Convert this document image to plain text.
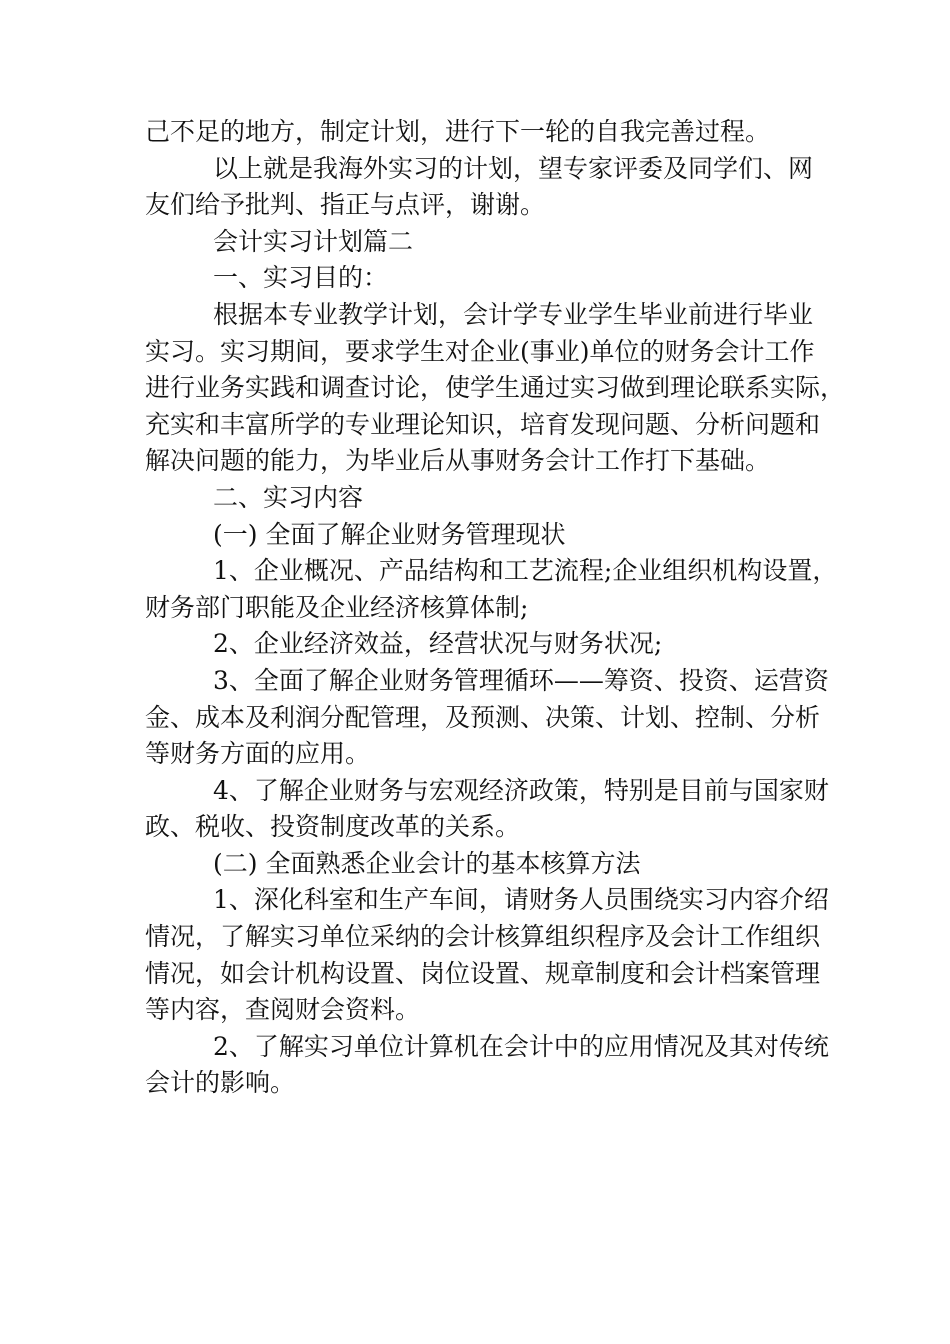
己不足的地方，制定计划，进行下一轮的自我完善过程。
以上就是我海外实习的计划，望专家评委及同学们、网
友们给予批判、指正与点评，谢谢。
会计实习计划篇二
一、实习目的：
根据本专业教学计划，会计学专业学生毕业前进行毕业
实习。实习期间，要求学生对企业(事业)单位的财务会计工作
进行业务实践和调查讨论，使学生通过实习做到理论联系实际，
充实和丰富所学的专业理论知识，培育发现问题、分析问题和
解决问题的能力，为毕业后从事财务会计工作打下基础。
二、实习内容
(一) 全面了解企业财务管理现状
1、企业概况、产品结构和工艺流程;企业组织机构设置，
财务部门职能及企业经济核算体制;
2、企业经济效益，经营状况与财务状况;
3、全面了解企业财务管理循环——筹资、投资、运营资
金、成本及利润分配管理，及预测、决策、计划、控制、分析
等财务方面的应用。
4、了解企业财务与宏观经济政策，特别是目前与国家财
政、税收、投资制度改革的关系。
(二) 全面熟悉企业会计的基本核算方法
1、深化科室和生产车间，请财务人员围绕实习内容介绍
情况，了解实习单位采纳的会计核算组织程序及会计工作组织
情况，如会计机构设置、岗位设置、规章制度和会计档案管理
等内容，查阅财会资料。
2、了解实习单位计算机在会计中的应用情况及其对传统
会计的影响。
